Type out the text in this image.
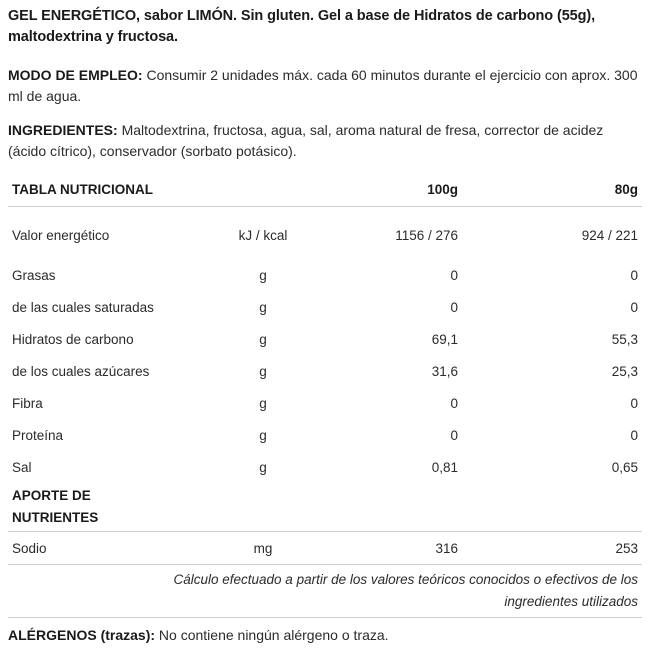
GEL ENERGÉTICO, sabor LIMÓN. Sin gluten. Gel a base de Hidratos de carbono (55g), maltodextrina y fructosa.
MODO DE EMPLEO: Consumir 2 unidades máx. cada 60 minutos durante el ejercicio con aprox. 300 ml de agua.
INGREDIENTES: Maltodextrina, fructosa, agua, sal, aroma natural de fresa, corrector de acidez (ácido cítrico), conservador (sorbato potásico).
TABLA NUTRICIONAL		100g	80g
Valor energético	kJ / kcal	1156 / 276	924 / 221
Grasas	g	0	0
de las cuales saturadas	g	0	0
Hidratos de carbono	g	69,1	55,3
de los cuales azúcares	g	31,6	25,3
Fibra	g	0	0
Proteína	g	0	0
Sal	g	0,81	0,65
APORTE DE
NUTRIENTES			
Sodio	mg	316	253
Cálculo efectuado a partir de los valores teóricos conocidos o efectivos de los
ingredientes utilizados			
ALÉRGENOS (trazas): No contiene ningún alérgeno o traza.
